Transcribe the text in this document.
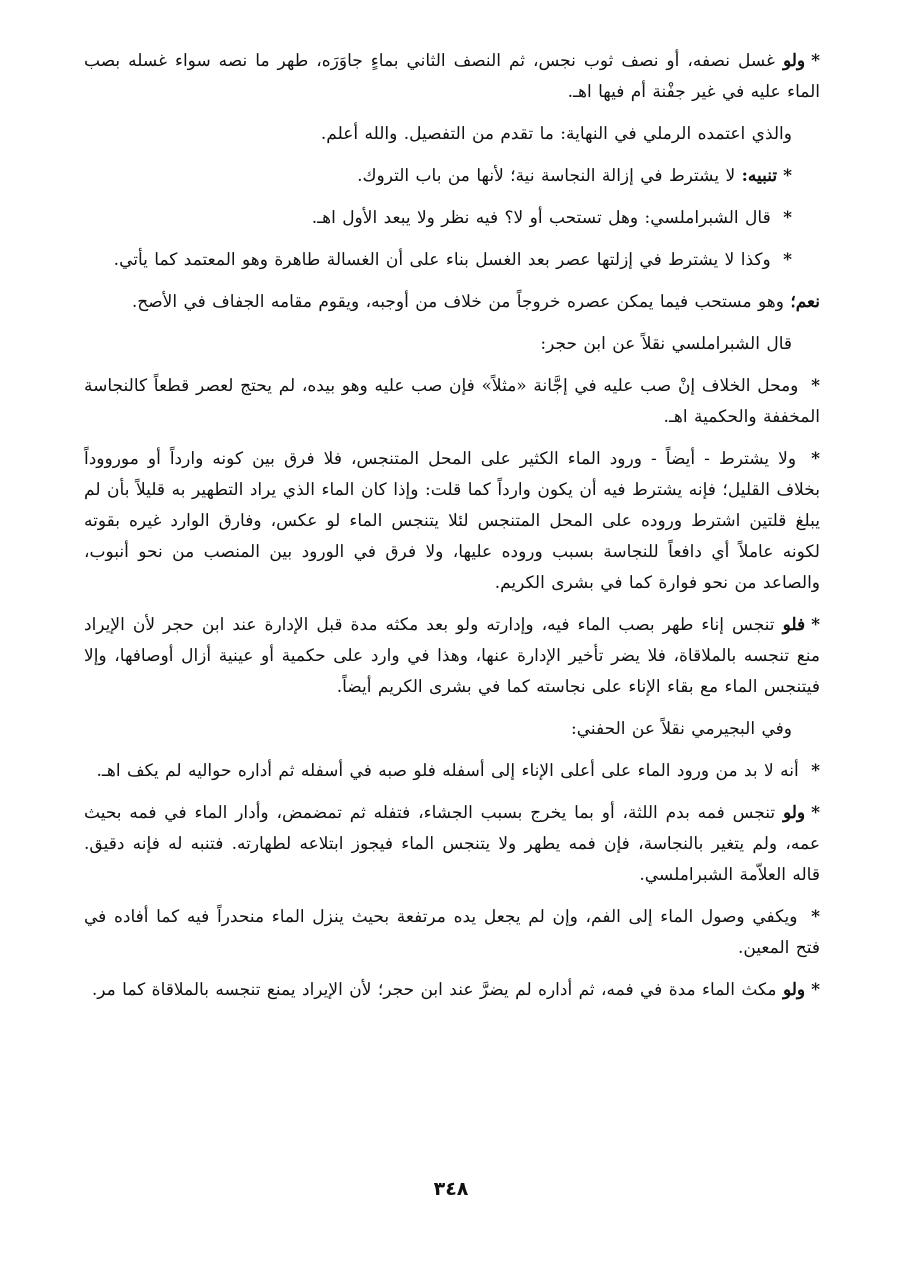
*ولو غسل نصفه، أو نصف ثوب نجس، ثم النصف الثاني بماءٍ جاوَرَه، طهر ما نصه سواء غسله بصب الماء عليه في غير جفْنة أم فيها اهـ.

والذي اعتمده الرملي في النهاية: ما تقدم من التفصيل. والله أعلم.

*تنبيه: لا يشترط في إزالة النجاسة نية؛ لأنها من باب التروك.

* قال الشبراملسي: وهل تستحب أو لا؟ فيه نظر ولا يبعد الأول اهـ.

* وكذا لا يشترط في إزلتها عصر بعد الغسل بناء على أن الغسالة طاهرة وهو المعتمد كما يأتي.

نعم؛ وهو مستحب فيما يمكن عصره خروجاً من خلاف من أوجبه، ويقوم مقامه الجفاف في الأصح.

قال الشبراملسي نقلاً عن ابن حجر:

* ومحل الخلاف إنْ صب عليه في إجَّانة «مثلاً» فإن صب عليه وهو بيده، لم يحتج لعصر قطعاً كالنجاسة المخففة والحكمية اهـ.

* ولا يشترط - أيضاً - ورود الماء الكثير على المحل المتنجس، فلا فرق بين كونه وارداً أو مورووداً بخلاف القليل؛ فإنه يشترط فيه أن يكون وارداً كما قلت: وإذا كان الماء الذي يراد التطهير به قليلاً بأن لم يبلغ قلتين اشترط وروده على المحل المتنجس لئلا يتنجس الماء لو عكس، وفارق الوارد غيره بقوته لكونه عاملاً أي دافعاً للنجاسة بسبب وروده عليها، ولا فرق في الورود بين المنصب من نحو أنبوب، والصاعد من نحو فوارة كما في بشرى الكريم.

*فلو تنجس إناء طهر بصب الماء فيه، وإدارته ولو بعد مكثه مدة قبل الإدارة عند ابن حجر لأن الإيراد منع تنجسه بالملاقاة، فلا يضر تأخير الإدارة عنها، وهذا في وارد على حكمية أو عينية أزال أوصافها، وإلا فيتنجس الماء مع بقاء الإناء على نجاسته كما في بشرى الكريم أيضاً.

وفي البجيرمي نقلاً عن الحفني:

* أنه لا بد من ورود الماء على أعلى الإناء إلى أسفله فلو صبه في أسفله ثم أداره حواليه لم يكف اهـ.

*ولو تنجس فمه بدم اللثة، أو بما يخرج بسبب الجشاء، فتفله ثم تمضمض، وأدار الماء في فمه بحيث عمه، ولم يتغير بالنجاسة، فإن فمه يطهر ولا يتنجس الماء فيجوز ابتلاعه لطهارته. فتنبه له فإنه دقيق. قاله العلاّمة الشبراملسي.

* ويكفي وصول الماء إلى الفم، وإن لم يجعل يده مرتفعة بحيث ينزل الماء منحدراً فيه كما أفاده في فتح المعين.

*ولو مكث الماء مدة في فمه، ثم أداره لم يضرَّ عند ابن حجر؛ لأن الإيراد يمنع تنجسه بالملاقاة كما مر.

٣٤٨
